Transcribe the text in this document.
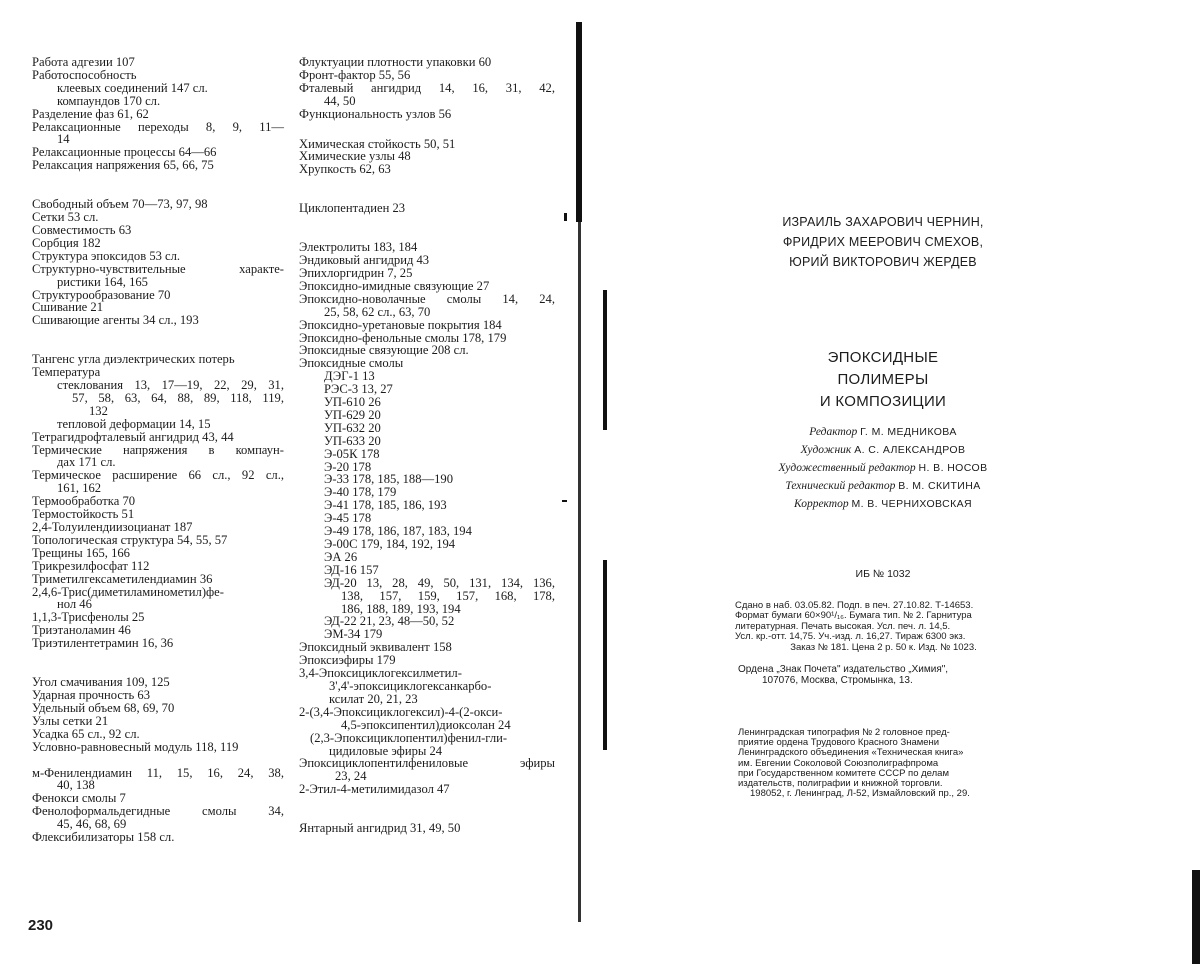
Работа адгезии 107
Работоспособность
клеевых соединений 147 сл.
компаундов 170 сл.
Разделение фаз 61, 62
Релаксационные переходы 8, 9, 11—
14
Релаксационные процессы 64—66
Релаксация напряжения 65, 66, 75
Свободный объем 70—73, 97, 98
Сетки 53 сл.
Совместимость 63
Сорбция 182
Структура эпоксидов 53 сл.
Структурно-чувствительные характе-
ристики 164, 165
Структурообразование 70
Сшивание 21
Сшивающие агенты 34 сл., 193
Тангенс угла диэлектрических потерь
Температура
стеклования 13, 17—19, 22, 29, 31,
57, 58, 63, 64, 88, 89, 118, 119,
132
тепловой деформации 14, 15
Тетрагидрофталевый ангидрид 43, 44
Термические напряжения в компаун-
дах 171 сл.
Термическое расширение 66 сл., 92 сл.,
161, 162
Термообработка 70
Термостойкость 51
2,4-Толуилендиизоцианат 187
Топологическая структура 54, 55, 57
Трещины 165, 166
Трикрезилфосфат 112
Триметилгексаметилендиамин 36
2,4,6-Трис(диметиламинометил)фе-
нол 46
1,1,3-Трисфенолы 25
Триэтаноламин 46
Триэтилентетрамин 16, 36
Угол смачивания 109, 125
Ударная прочность 63
Удельный объем 68, 69, 70
Узлы сетки 21
Усадка 65 сл., 92 сл.
Условно-равновесный модуль 118, 119
м-Фенилендиамин 11, 15, 16, 24, 38,
40, 138
Фенокси смолы 7
Фенолоформальдегидные смолы 34,
45, 46, 68, 69
Флексибилизаторы 158 сл.
Флуктуации плотности упаковки 60
Фронт-фактор 55, 56
Фталевый ангидрид 14, 16, 31, 42,
44, 50
Функциональность узлов 56
Химическая стойкость 50, 51
Химические узлы 48
Хрупкость 62, 63
Циклопентадиен 23
Электролиты 183, 184
Эндиковый ангидрид 43
Эпихлоргидрин 7, 25
Эпоксидно-имидные связующие 27
Эпоксидно-новолачные смолы 14, 24,
25, 58, 62 сл., 63, 70
Эпоксидно-уретановые покрытия 184
Эпоксидно-фенольные смолы 178, 179
Эпоксидные связующие 208 сл.
Эпоксидные смолы
ДЭГ-1 13
РЭС-3 13, 27
УП-610 26
УП-629 20
УП-632 20
УП-633 20
Э-05К 178
Э-20 178
Э-33 178, 185, 188—190
Э-40 178, 179
Э-41 178, 185, 186, 193
Э-45 178
Э-49 178, 186, 187, 183, 194
Э-00С 179, 184, 192, 194
ЭА 26
ЭД-16 157
ЭД-20 13, 28, 49, 50, 131, 134, 136,
138, 157, 159, 157, 168, 178,
186, 188, 189, 193, 194
ЭД-22 21, 23, 48—50, 52
ЭМ-34 179
Эпоксидный эквивалент 158
Эпоксиэфиры 179
3,4-Эпоксициклогексилметил-
3',4'-эпоксициклогексанкарбо-
ксилат 20, 21, 23
2-(3,4-Эпоксициклогексил)-4-(2-окси-
4,5-эпоксипентил)диоксолан 24
(2,3-Эпоксициклопентил)фенил-гли-
цидиловые эфиры 24
Эпоксициклопентилфениловые эфиры
23, 24
2-Этил-4-метилимидазол 47
Янтарный ангидрид 31, 49, 50
230
ИЗРАИЛЬ ЗАХАРОВИЧ ЧЕРНИН,
ФРИДРИХ МЕЕРОВИЧ СМЕХОВ,
ЮРИЙ ВИКТОРОВИЧ ЖЕРДЕВ
ЭПОКСИДНЫЕ
ПОЛИМЕРЫ
И КОМПОЗИЦИИ
Редактор Г. М. МЕДНИКОВА
Художник А. С. АЛЕКСАНДРОВ
Художественный редактор Н. В. НОСОВ
Технический редактор В. М. СКИТИНА
Корректор М. В. ЧЕРНИХОВСКАЯ
ИБ № 1032
Сдано в наб. 03.05.82. Подп. в печ. 27.10.82. Т-14653.
Формат бумаги 60×90¹/₁₆. Бумага тип. № 2. Гарнитура
литературная. Печать высокая. Усл. печ. л. 14,5.
Усл. кр.-отт. 14,75. Уч.-изд. л. 16,27. Тираж 6300 экз.
Заказ № 181. Цена 2 р. 50 к. Изд. № 1023.
Ордена „Знак Почета" издательство „Химия",
107076, Москва, Стромынка, 13.
Ленинградская типография № 2 головное пред-
приятие ордена Трудового Красного Знамени
Ленинградского объединения «Техническая книга»
им. Евгении Соколовой Союзполиграфпрома
при Государственном комитете СССР по делам
издательств, полиграфии и книжной торговли.
198052, г. Ленинград, Л-52, Измайловский пр., 29.
